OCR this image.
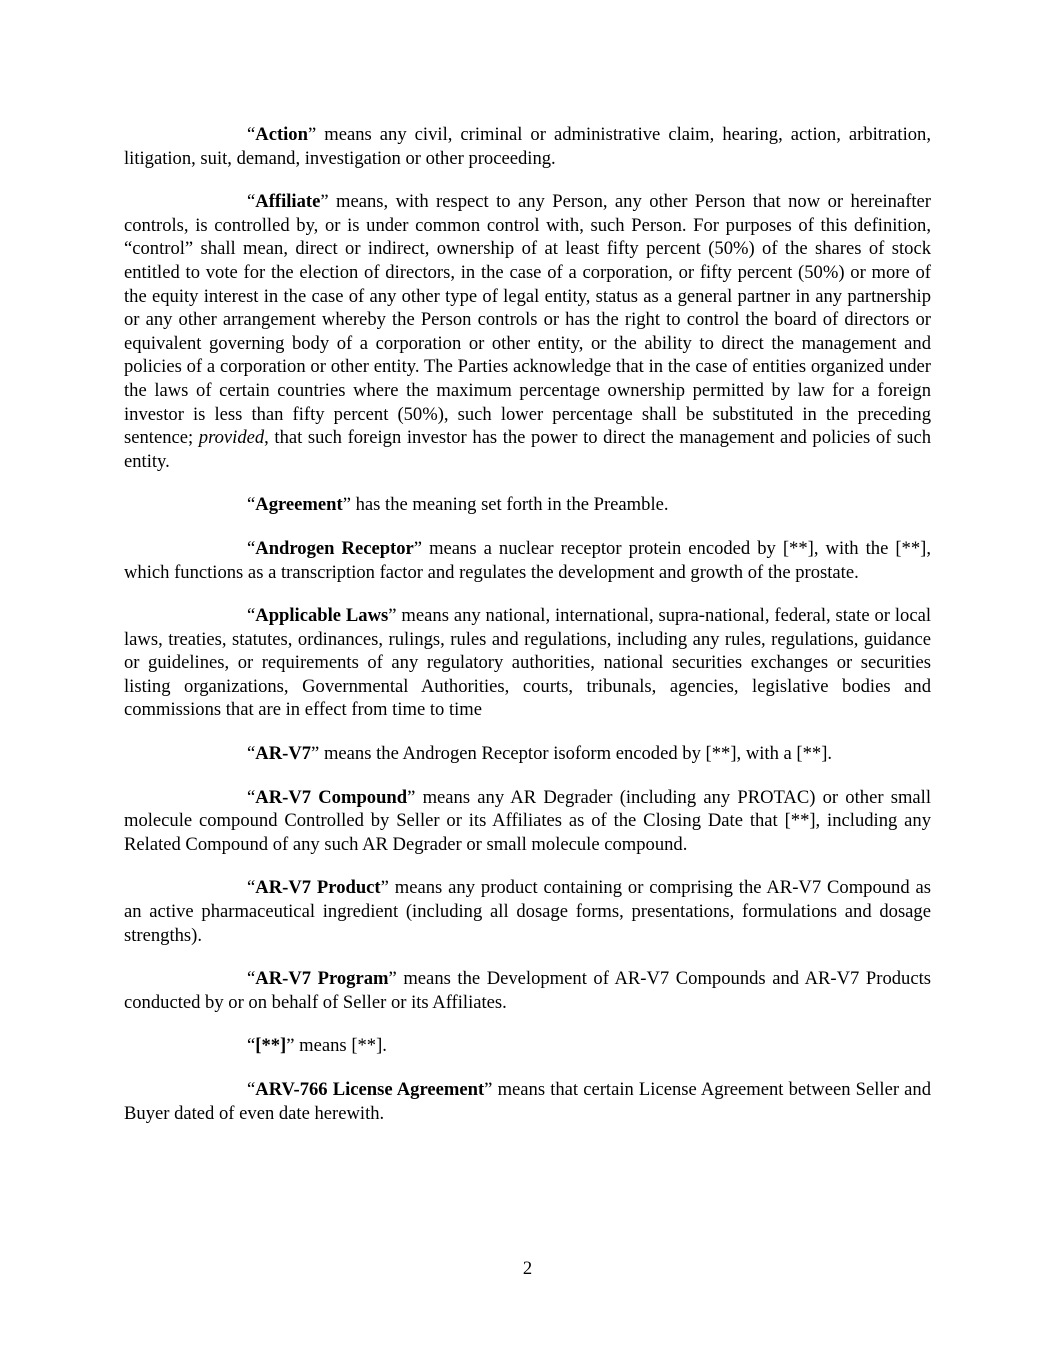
“Action” means any civil, criminal or administrative claim, hearing, action, arbitration, litigation, suit, demand, investigation or other proceeding.

“Affiliate” means, with respect to any Person, any other Person that now or hereinafter controls, is controlled by, or is under common control with, such Person. For purposes of this definition, “control” shall mean, direct or indirect, ownership of at least fifty percent (50%) of the shares of stock entitled to vote for the election of directors, in the case of a corporation, or fifty percent (50%) or more of the equity interest in the case of any other type of legal entity, status as a general partner in any partnership or any other arrangement whereby the Person controls or has the right to control the board of directors or equivalent governing body of a corporation or other entity, or the ability to direct the management and policies of a corporation or other entity. The Parties acknowledge that in the case of entities organized under the laws of certain countries where the maximum percentage ownership permitted by law for a foreign investor is less than fifty percent (50%), such lower percentage shall be substituted in the preceding sentence; provided, that such foreign investor has the power to direct the management and policies of such entity.

“Agreement” has the meaning set forth in the Preamble.

“Androgen Receptor” means a nuclear receptor protein encoded by [**], with the [**], which functions as a transcription factor and regulates the development and growth of the prostate.

“Applicable Laws” means any national, international, supra-national, federal, state or local laws, treaties, statutes, ordinances, rulings, rules and regulations, including any rules, regulations, guidance or guidelines, or requirements of any regulatory authorities, national securities exchanges or securities listing organizations, Governmental Authorities, courts, tribunals, agencies, legislative bodies and commissions that are in effect from time to time

“AR-V7” means the Androgen Receptor isoform encoded by [**], with a [**].

“AR-V7 Compound” means any AR Degrader (including any PROTAC) or other small molecule compound Controlled by Seller or its Affiliates as of the Closing Date that [**], including any Related Compound of any such AR Degrader or small molecule compound.

“AR-V7 Product” means any product containing or comprising the AR-V7 Compound as an active pharmaceutical ingredient (including all dosage forms, presentations, formulations and dosage strengths).

“AR-V7 Program” means the Development of AR-V7 Compounds and AR-V7 Products conducted by or on behalf of Seller or its Affiliates.

“[**]” means [**].

“ARV-766 License Agreement” means that certain License Agreement between Seller and Buyer dated of even date herewith.

2
